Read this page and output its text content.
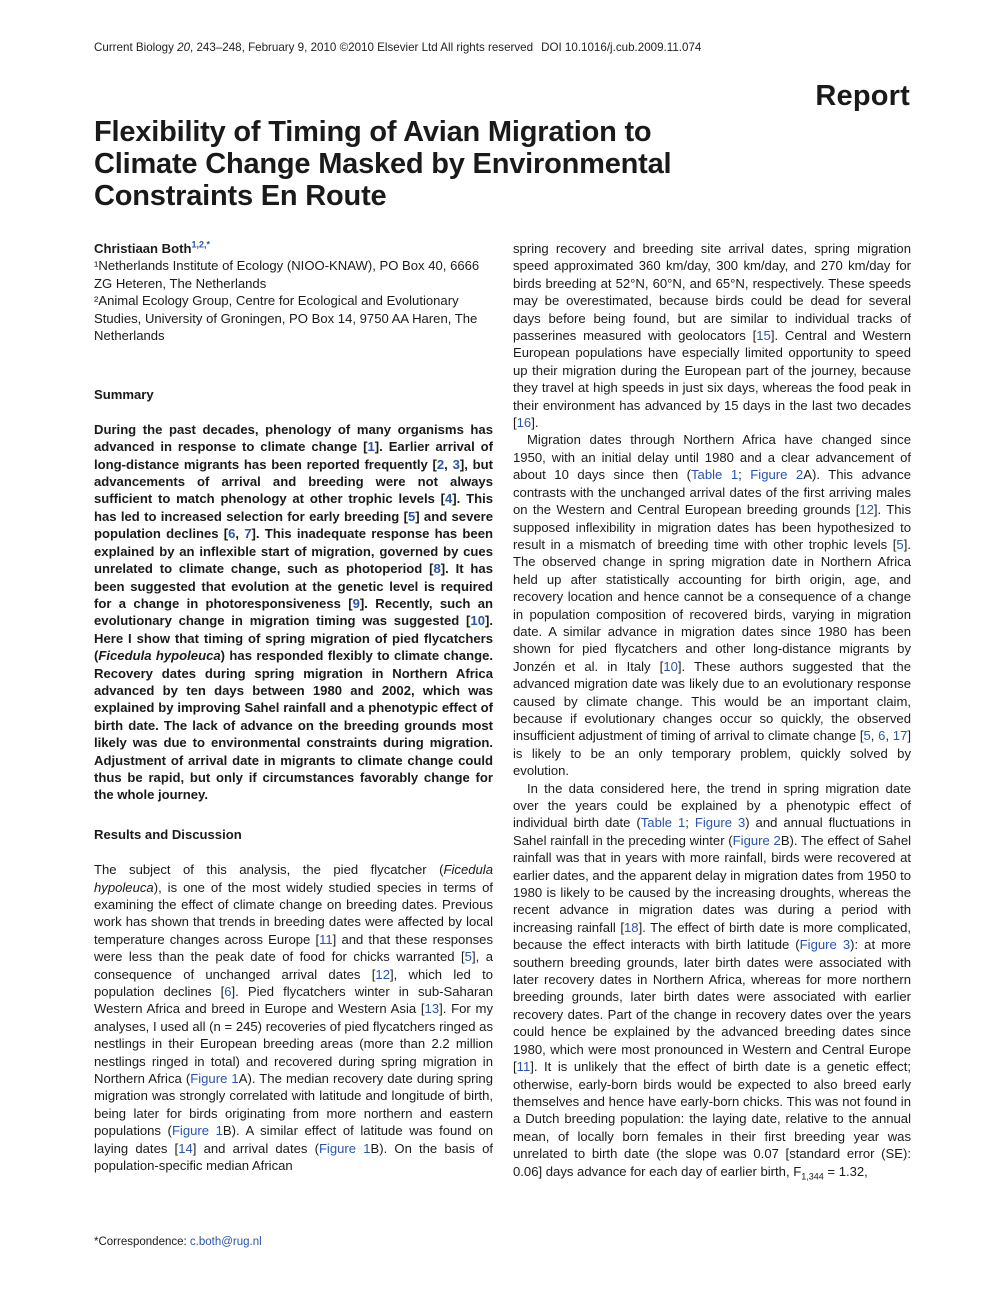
Current Biology 20, 243–248, February 9, 2010 ©2010 Elsevier Ltd All rights reserved DOI 10.1016/j.cub.2009.11.074
Report
Flexibility of Timing of Avian Migration to Climate Change Masked by Environmental Constraints En Route
Christiaan Both$^{1,2,*}$

¹Netherlands Institute of Ecology (NIOO-KNAW), PO Box 40, 6666 ZG Heteren, The Netherlands

²Animal Ecology Group, Centre for Ecological and Evolutionary Studies, University of Groningen, PO Box 14, 9750 AA Haren, The Netherlands

Summary

During the past decades, phenology of many organisms has advanced in response to climate change [1]. Earlier arrival of long-distance migrants has been reported frequently [2, 3], but advancements of arrival and breeding were not always sufficient to match phenology at other trophic levels [4]. This has led to increased selection for early breeding [5] and severe population declines [6, 7]. This inadequate response has been explained by an inflexible start of migration, governed by cues unrelated to climate change, such as photoperiod [8]. It has been suggested that evolution at the genetic level is required for a change in photoresponsiveness [9]. Recently, such an evolutionary change in migration timing was suggested [10]. Here I show that timing of spring migration of pied flycatchers (Ficedula hypoleuca) has responded flexibly to climate change. Recovery dates during spring migration in Northern Africa advanced by ten days between 1980 and 2002, which was explained by improving Sahel rainfall and a phenotypic effect of birth date. The lack of advance on the breeding grounds most likely was due to environmental constraints during migration. Adjustment of arrival date in migrants to climate change could thus be rapid, but only if circumstances favorably change for the whole journey.

Results and Discussion

The subject of this analysis, the pied flycatcher (Ficedula hypoleuca), is one of the most widely studied species in terms of examining the effect of climate change on breeding dates. Previous work has shown that trends in breeding dates were affected by local temperature changes across Europe [11] and that these responses were less than the peak date of food for chicks warranted [5], a consequence of unchanged arrival dates [12], which led to population declines [6]. Pied flycatchers winter in sub-Saharan Western Africa and breed in Europe and Western Asia [13]. For my analyses, I used all (n = 245) recoveries of pied flycatchers ringed as nestlings in their European breeding areas (more than 2.2 million nestlings ringed in total) and recovered during spring migration in Northern Africa (Figure 1A). The median recovery date during spring migration was strongly correlated with latitude and longitude of birth, being later for birds originating from more northern and eastern populations (Figure 1B). A similar effect of latitude was found on laying dates [14] and arrival dates (Figure 1B). On the basis of population-specific median African

spring recovery and breeding site arrival dates, spring migration speed approximated 360 km/day, 300 km/day, and 270 km/day for birds breeding at 52°N, 60°N, and 65°N, respectively. These speeds may be overestimated, because birds could be dead for several days before being found, but are similar to individual tracks of passerines measured with geolocators [15]. Central and Western European populations have especially limited opportunity to speed up their migration during the European part of the journey, because they travel at high speeds in just six days, whereas the food peak in their environment has advanced by 15 days in the last two decades [16].

Migration dates through Northern Africa have changed since 1950, with an initial delay until 1980 and a clear advancement of about 10 days since then (Table 1; Figure 2A). This advance contrasts with the unchanged arrival dates of the first arriving males on the Western and Central European breeding grounds [12]. This supposed inflexibility in migration dates has been hypothesized to result in a mismatch of breeding time with other trophic levels [5]. The observed change in spring migration date in Northern Africa held up after statistically accounting for birth origin, age, and recovery location and hence cannot be a consequence of a change in population composition of recovered birds, varying in migration date. A similar advance in migration dates since 1980 has been shown for pied flycatchers and other long-distance migrants by Jonzén et al. in Italy [10]. These authors suggested that the advanced migration date was likely due to an evolutionary response caused by climate change. This would be an important claim, because if evolutionary changes occur so quickly, the observed insufficient adjustment of timing of arrival to climate change [5, 6, 17] is likely to be an only temporary problem, quickly solved by evolution.

In the data considered here, the trend in spring migration date over the years could be explained by a phenotypic effect of individual birth date (Table 1; Figure 3) and annual fluctuations in Sahel rainfall in the preceding winter (Figure 2B). The effect of Sahel rainfall was that in years with more rainfall, birds were recovered at earlier dates, and the apparent delay in migration dates from 1950 to 1980 is likely to be caused by the increasing droughts, whereas the recent advance in migration dates was during a period with increasing rainfall [18]. The effect of birth date is more complicated, because the effect interacts with birth latitude (Figure 3): at more southern breeding grounds, later birth dates were associated with later recovery dates in Northern Africa, whereas for more northern breeding grounds, later birth dates were associated with earlier recovery dates. Part of the change in recovery dates over the years could hence be explained by the advanced breeding dates since 1980, which were most pronounced in Western and Central Europe [11]. It is unlikely that the effect of birth date is a genetic effect; otherwise, early-born birds would be expected to also breed early themselves and hence have early-born chicks. This was not found in a Dutch breeding population: the laying date, relative to the annual mean, of locally born females in their first breeding year was unrelated to birth date (the slope was 0.07 [standard error (SE): 0.06] days advance for each day of earlier birth, $F_{1,344} = 1.32$,

*Correspondence: c.both@rug.nl
